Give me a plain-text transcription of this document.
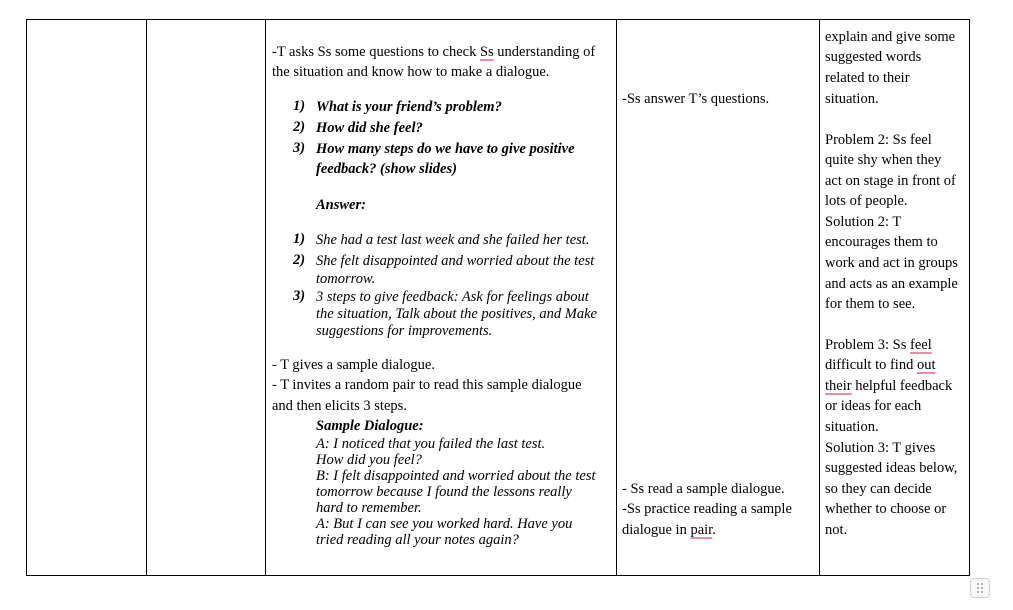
-T asks Ss some questions to check Ss understanding of
the situation and know how to make a dialogue.
1) What is your friend’s problem?
2) How did she feel?
3) How many steps do we have to give positive
feedback? (show slides)
Answer:
1) She had a test last week and she failed her test.
2) She felt disappointed and worried about the test
tomorrow.
3) 3 steps to give feedback: Ask for feelings about
the situation, Talk about the positives, and Make
suggestions for improvements.
- T gives a sample dialogue.
- T invites a random pair to read this sample dialogue
and then elicits 3 steps.
Sample Dialogue:
A: I noticed that you failed the last test.
How did you feel?
B: I felt disappointed and worried about the test
tomorrow because I found the lessons really
hard to remember.
A: But I can see you worked hard. Have you
tried reading all your notes again?
-Ss answer T’s questions.
- Ss read a sample dialogue.
-Ss practice reading a sample
dialogue in pair.
explain and give some
suggested words
related to their
situation.
Problem 2: Ss feel
quite shy when they
act on stage in front of
lots of people.
Solution 2: T
encourages them to
work and act in groups
and acts as an example
for them to see.
Problem 3: Ss feel
difficult to find out
their helpful feedback
or ideas for each
situation.
Solution 3: T gives
suggested ideas below,
so they can decide
whether to choose or
not.
